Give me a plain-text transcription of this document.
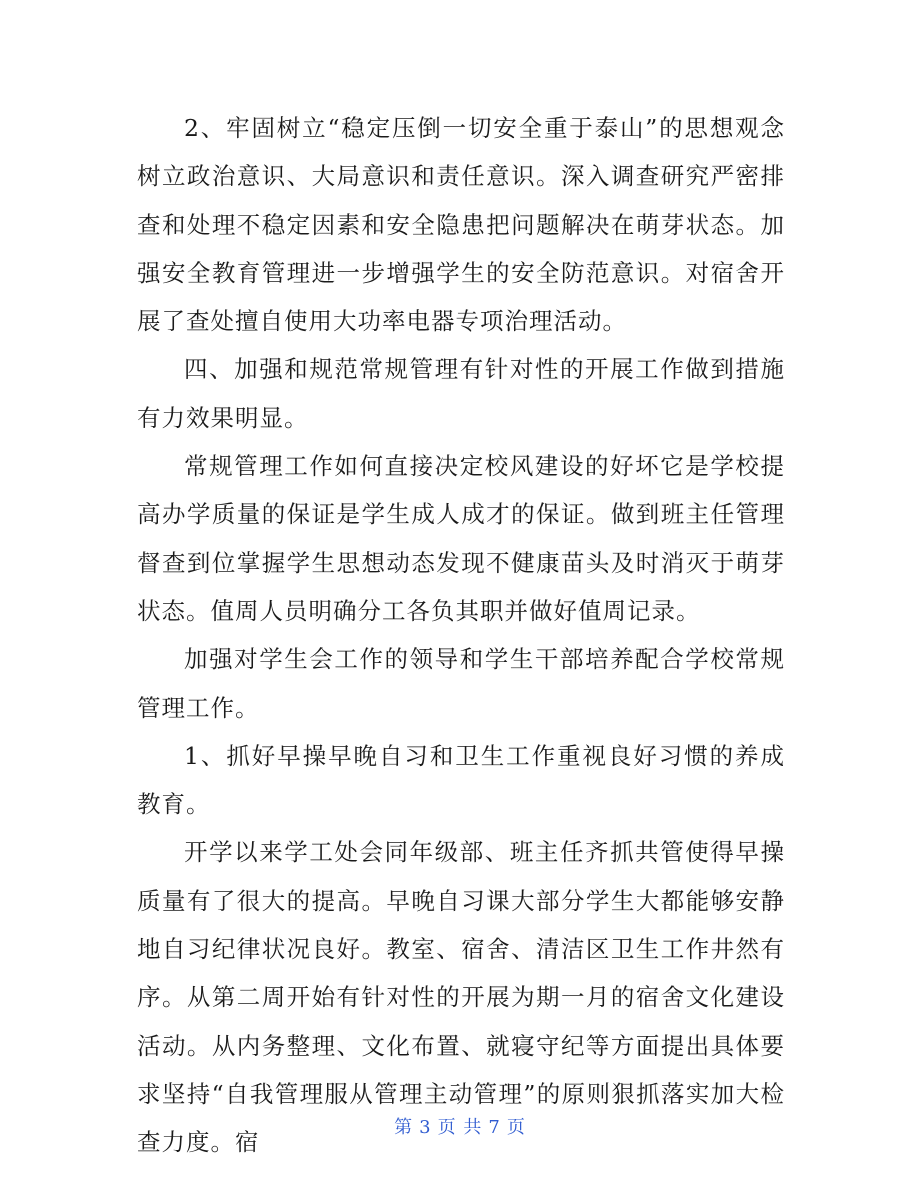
2、牢固树立“稳定压倒一切安全重于泰山”的思想观念树立政治意识、大局意识和责任意识。深入调查研究严密排查和处理不稳定因素和安全隐患把问题解决在萌芽状态。加强安全教育管理进一步增强学生的安全防范意识。对宿舍开展了查处擅自使用大功率电器专项治理活动。

四、加强和规范常规管理有针对性的开展工作做到措施有力效果明显。

常规管理工作如何直接决定校风建设的好坏它是学校提高办学质量的保证是学生成人成才的保证。做到班主任管理督查到位掌握学生思想动态发现不健康苗头及时消灭于萌芽状态。值周人员明确分工各负其职并做好值周记录。

加强对学生会工作的领导和学生干部培养配合学校常规管理工作。

1、抓好早操早晚自习和卫生工作重视良好习惯的养成教育。

开学以来学工处会同年级部、班主任齐抓共管使得早操质量有了很大的提高。早晚自习课大部分学生大都能够安静地自习纪律状况良好。教室、宿舍、清洁区卫生工作井然有序。从第二周开始有针对性的开展为期一月的宿舍文化建设活动。从内务整理、文化布置、就寝守纪等方面提出具体要求坚持“自我管理服从管理主动管理”的原则狠抓落实加大检查力度。宿

第 3 页 共 7 页
